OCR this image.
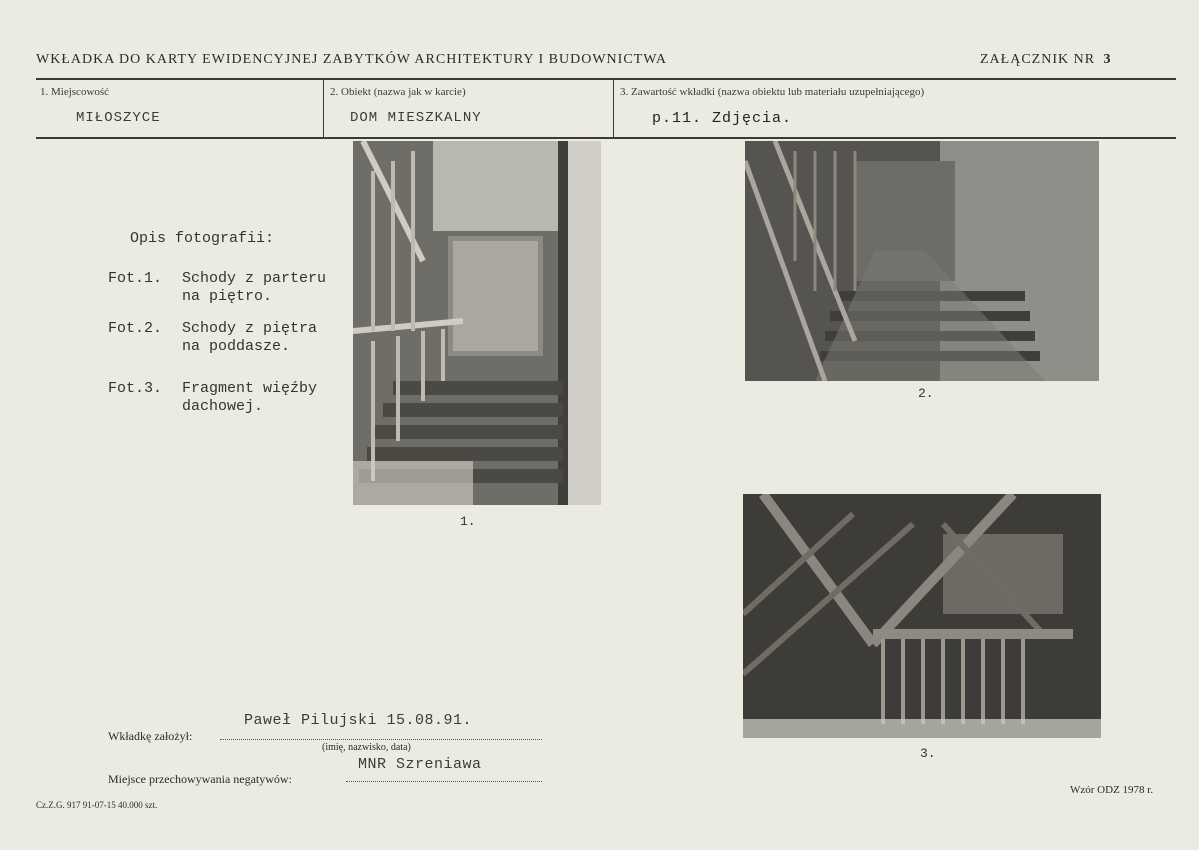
WKŁADKA DO KARTY EWIDENCYJNEJ ZABYTKÓW ARCHITEKTURY I BUDOWNICTWA	ZAŁĄCZNIK NR 3
1. Miejscowość
MIŁOSZYCE
2. Obiekt (nazwa jak w karcie)
DOM MIESZKALNY
3. Zawartość wkładki (nazwa obiektu lub materiału uzupełniającego)
p.11. Zdjęcia.
Opis fotografii:
Fot.1.	Schody z parteru
na piętro.
Fot.2.	Schody z piętra
na poddasze.
Fot.3.	Fragment więźby
dachowej.
1.
2.
3.
Wkładkę założył:
Paweł Pilujski 15.08.91.
(imię, nazwisko, data)
Miejsce przechowywania negatywów:
MNR Szreniawa
Cz.Z.G. 917 91-07-15 40.000 szt.
Wzór ODZ 1978 r.
